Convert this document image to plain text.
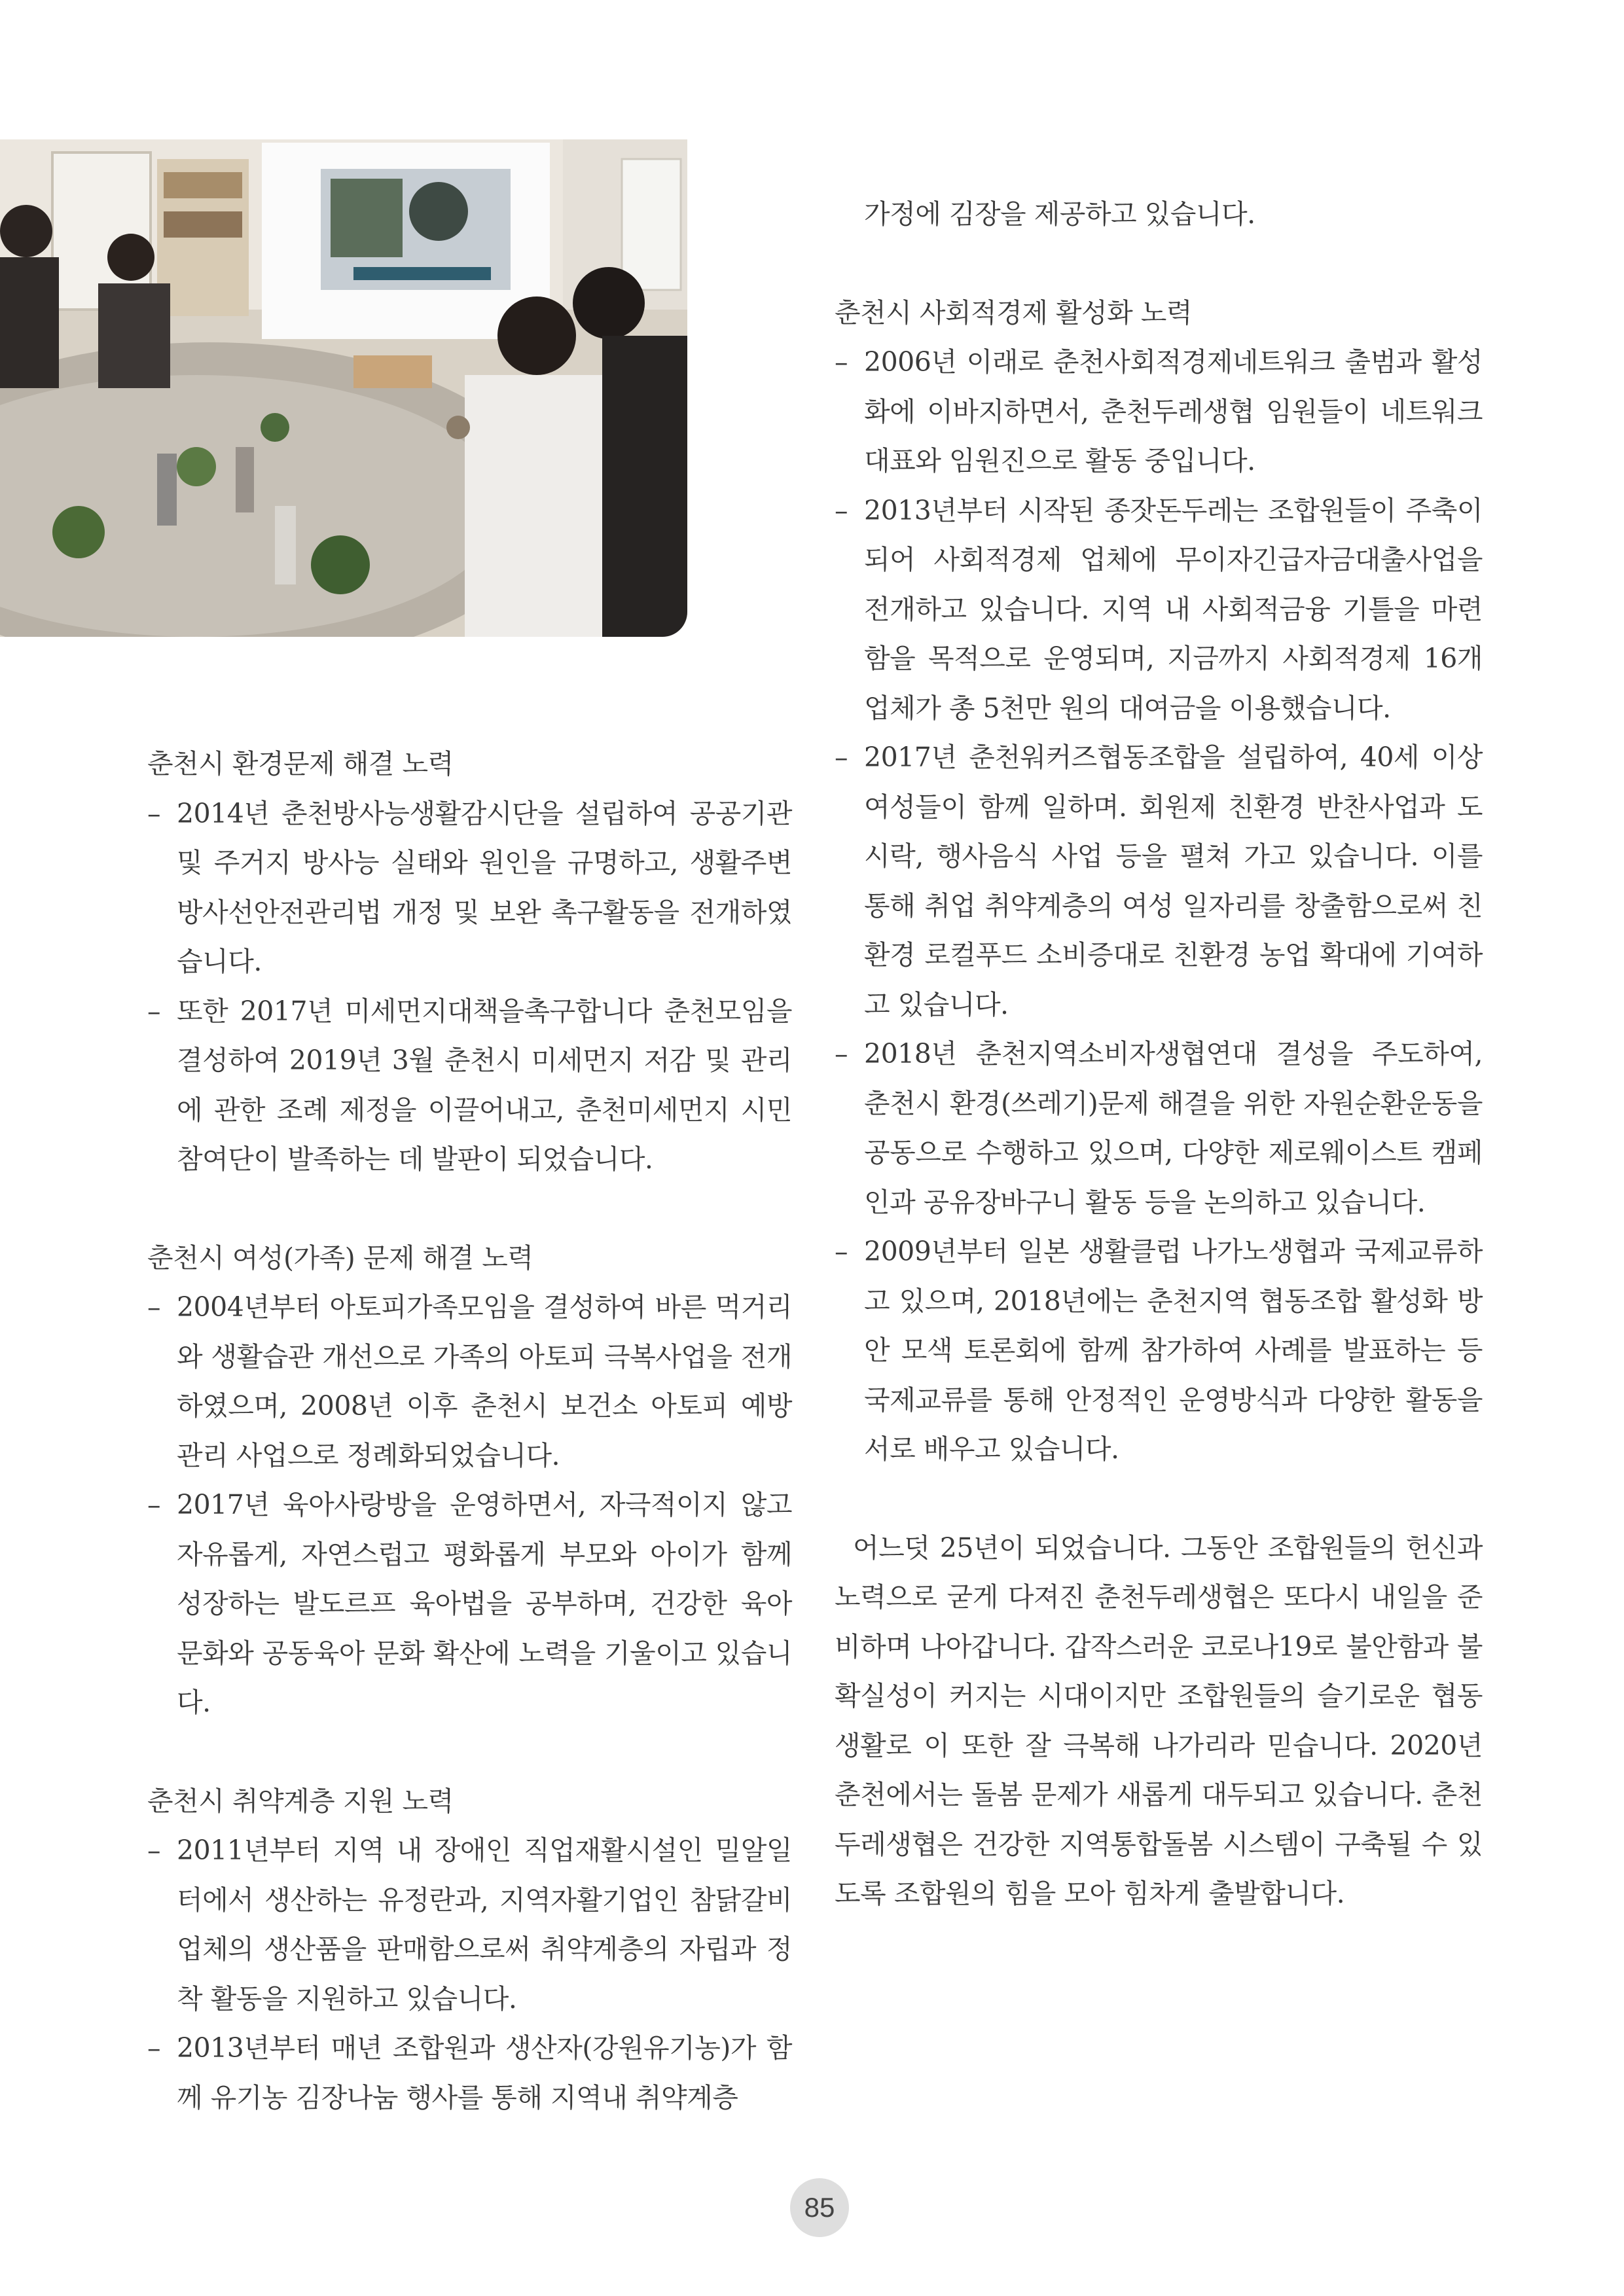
춘천시 환경문제 해결 노력
– 2014년 춘천방사능생활감시단을 설립하여 공공기관 및 주거지 방사능 실태와 원인을 규명하고, 생활주변방사선안전관리법 개정 및 보완 촉구활동을 전개하였습니다.
– 또한 2017년 미세먼지대책을촉구합니다 춘천모임을 결성하여 2019년 3월 춘천시 미세먼지 저감 및 관리에 관한 조례 제정을 이끌어내고, 춘천미세먼지 시민참여단이 발족하는 데 발판이 되었습니다.
춘천시 여성(가족) 문제 해결 노력
– 2004년부터 아토피가족모임을 결성하여 바른 먹거리와 생활습관 개선으로 가족의 아토피 극복사업을 전개하였으며, 2008년 이후 춘천시 보건소 아토피 예방 관리 사업으로 정례화되었습니다.
– 2017년 육아사랑방을 운영하면서, 자극적이지 않고 자유롭게, 자연스럽고 평화롭게 부모와 아이가 함께 성장하는 발도르프 육아법을 공부하며, 건강한 육아 문화와 공동육아 문화 확산에 노력을 기울이고 있습니다.
춘천시 취약계층 지원 노력
– 2011년부터 지역 내 장애인 직업재활시설인 밀알일터에서 생산하는 유정란과, 지역자활기업인 참닭갈비 업체의 생산품을 판매함으로써 취약계층의 자립과 정착 활동을 지원하고 있습니다.
– 2013년부터 매년 조합원과 생산자(강원유기농)가 함께 유기농 김장나눔 행사를 통해 지역내 취약계층
가정에 김장을 제공하고 있습니다.
춘천시 사회적경제 활성화 노력
– 2006년 이래로 춘천사회적경제네트워크 출범과 활성화에 이바지하면서, 춘천두레생협 임원들이 네트워크 대표와 임원진으로 활동 중입니다.
– 2013년부터 시작된 종잣돈두레는 조합원들이 주축이 되어 사회적경제 업체에 무이자긴급자금대출사업을 전개하고 있습니다. 지역 내 사회적금융 기틀을 마련함을 목적으로 운영되며, 지금까지 사회적경제 16개 업체가 총 5천만 원의 대여금을 이용했습니다.
– 2017년 춘천워커즈협동조합을 설립하여, 40세 이상 여성들이 함께 일하며. 회원제 친환경 반찬사업과 도시락, 행사음식 사업 등을 펼쳐 가고 있습니다. 이를 통해 취업 취약계층의 여성 일자리를 창출함으로써 친환경 로컬푸드 소비증대로 친환경 농업 확대에 기여하고 있습니다.
– 2018년 춘천지역소비자생협연대 결성을 주도하여, 춘천시 환경(쓰레기)문제 해결을 위한 자원순환운동을 공동으로 수행하고 있으며, 다양한 제로웨이스트 캠페인과 공유장바구니 활동 등을 논의하고 있습니다.
– 2009년부터 일본 생활클럽 나가노생협과 국제교류하고 있으며, 2018년에는 춘천지역 협동조합 활성화 방안 모색 토론회에 함께 참가하여 사례를 발표하는 등 국제교류를 통해 안정적인 운영방식과 다양한 활동을 서로 배우고 있습니다.
어느덧 25년이 되었습니다. 그동안 조합원들의 헌신과 노력으로 굳게 다져진 춘천두레생협은 또다시 내일을 준비하며 나아갑니다. 갑작스러운 코로나19로 불안함과 불확실성이 커지는 시대이지만 조합원들의 슬기로운 협동 생활로 이 또한 잘 극복해 나가리라 믿습니다. 2020년 춘천에서는 돌봄 문제가 새롭게 대두되고 있습니다. 춘천두레생협은 건강한 지역통합돌봄 시스템이 구축될 수 있도록 조합원의 힘을 모아 힘차게 출발합니다.
85
